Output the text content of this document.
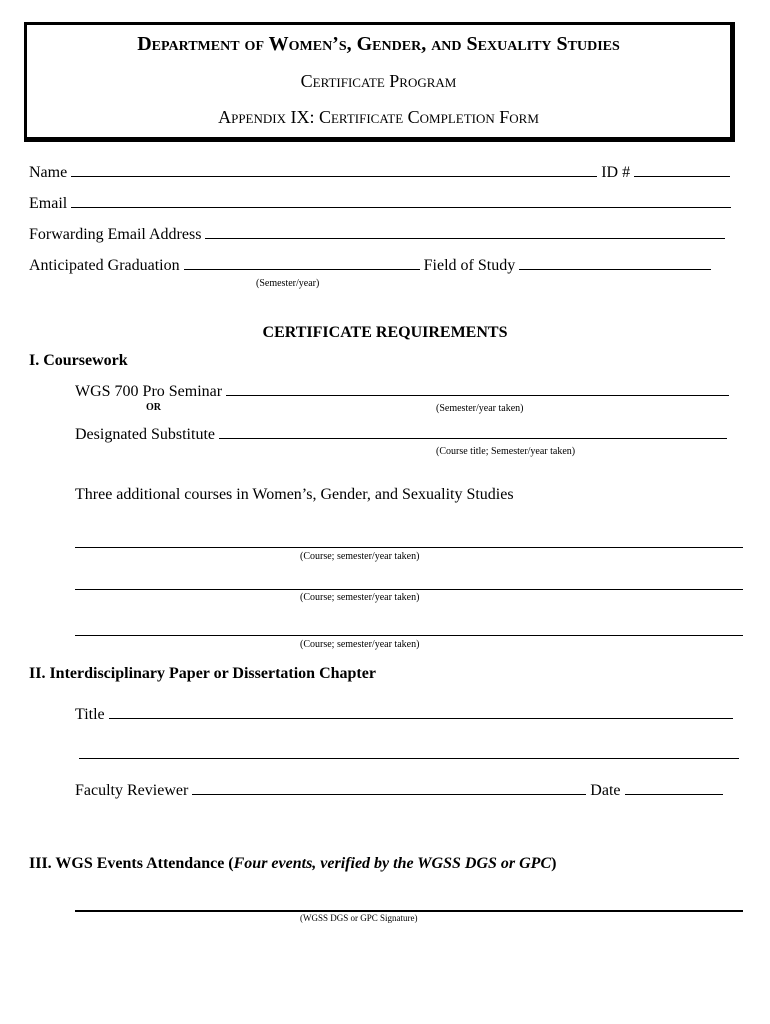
Department of Women’s, Gender, and Sexuality Studies
Certificate Program
Appendix IX: Certificate Completion Form
Name	ID #
Email
Forwarding Email Address
Anticipated Graduation	Field of Study
(Semester/year)
CERTIFICATE REQUIREMENTS
I. Coursework
WGS 700 Pro Seminar
OR	(Semester/year taken)
Designated Substitute
(Course title; Semester/year taken)
Three additional courses in Women’s, Gender, and Sexuality Studies
(Course; semester/year taken)
(Course; semester/year taken)
(Course; semester/year taken)
II. Interdisciplinary Paper or Dissertation Chapter
Title
Faculty Reviewer	Date
III. WGS Events Attendance (Four events, verified by the WGSS DGS or GPC)
(WGSS DGS or GPC Signature)
